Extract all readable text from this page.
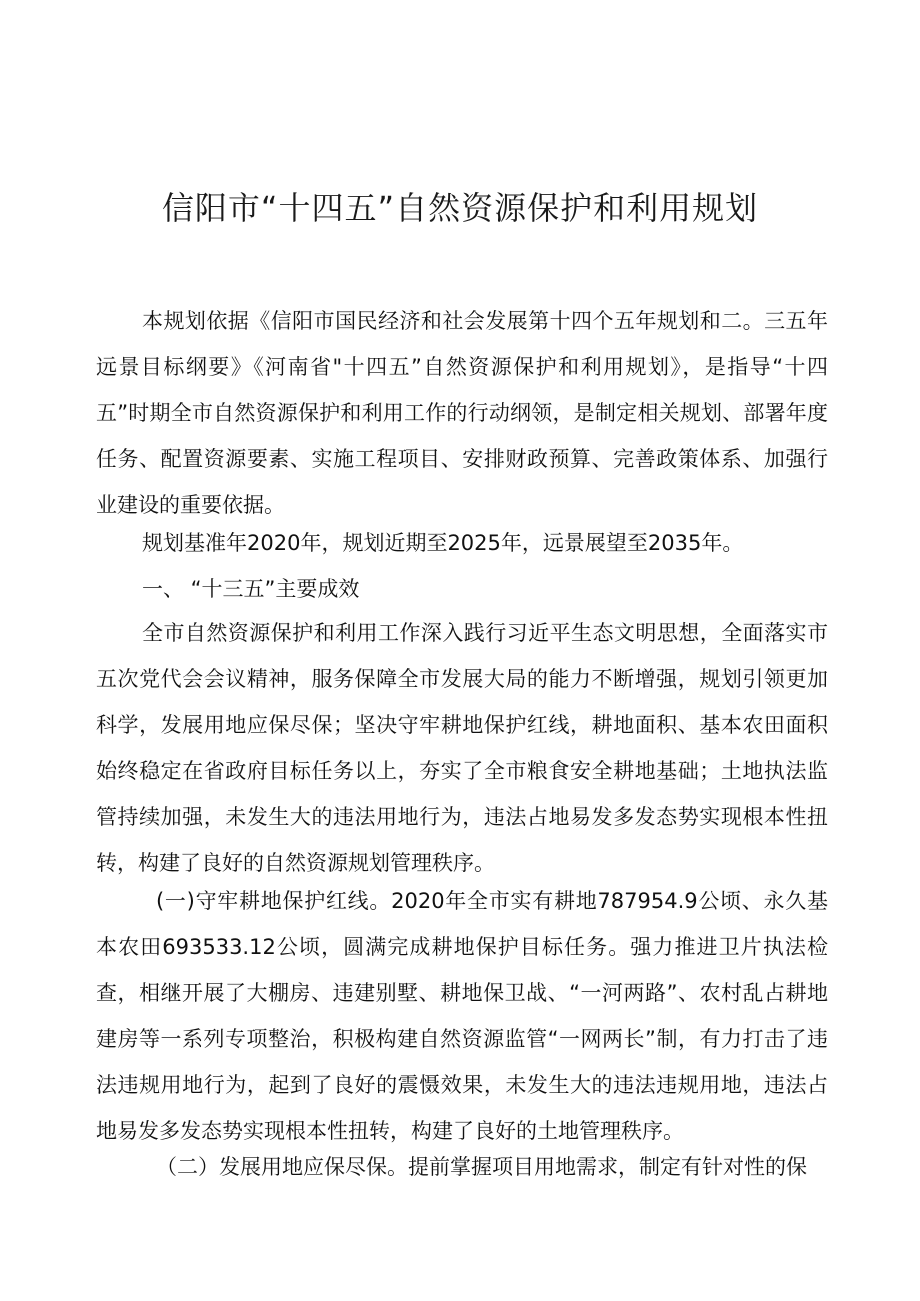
信阳市“十四五”自然资源保护和利用规划
本规划依据《信阳市国民经济和社会发展第十四个五年规划和二。三五年远景目标纲要》《河南省"十四五”自然资源保护和利用规划》，是指导“十四五”时期全市自然资源保护和利用工作的行动纲领，是制定相关规划、部署年度任务、配置资源要素、实施工程项目、安排财政预算、完善政策体系、加强行业建设的重要依据。
规划基准年2020年，规划近期至2025年，远景展望至2035年。
一、 “十三五”主要成效
全市自然资源保护和利用工作深入践行习近平生态文明思想，全面落实市五次党代会会议精神，服务保障全市发展大局的能力不断增强，规划引领更加科学，发展用地应保尽保；坚决守牢耕地保护红线，耕地面积、基本农田面积始终稳定在省政府目标任务以上，夯实了全市粮食安全耕地基础；土地执法监管持续加强，未发生大的违法用地行为，违法占地易发多发态势实现根本性扭转，构建了良好的自然资源规划管理秩序。
(一)守牢耕地保护红线。2020年全市实有耕地787954.9公顷、永久基本农田693533.12公顷，圆满完成耕地保护目标任务。强力推进卫片执法检查，相继开展了大棚房、违建别墅、耕地保卫战、“一河两路”、农村乱占耕地建房等一系列专项整治，积极构建自然资源监管“一网两长”制，有力打击了违法违规用地行为，起到了良好的震慑效果，未发生大的违法违规用地，违法占地易发多发态势实现根本性扭转，构建了良好的土地管理秩序。
（二）发展用地应保尽保。提前掌握项目用地需求，制定有针对性的保
